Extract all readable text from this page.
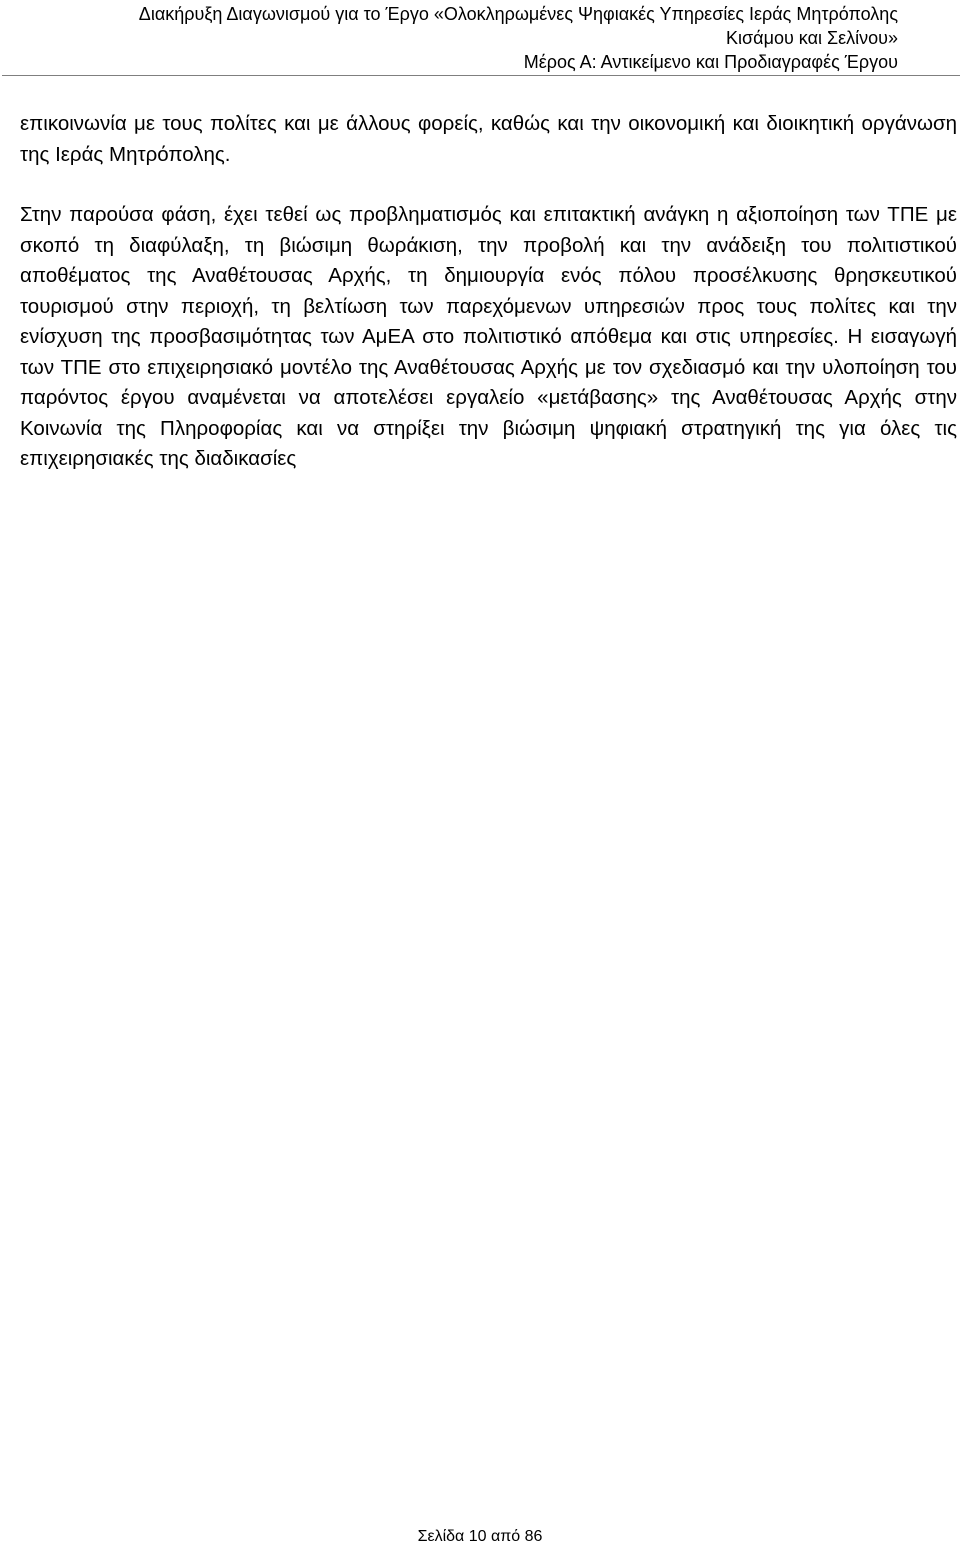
Διακήρυξη Διαγωνισμού για το Έργο «Ολοκληρωμένες Ψηφιακές Υπηρεσίες Ιεράς Μητρόπολης
Κισάμου και Σελίνου»
Μέρος Α: Αντικείμενο και Προδιαγραφές Έργου

επικοινωνία με τους πολίτες και με άλλους φορείς, καθώς και την οικονομική και διοικητική οργάνωση της Ιεράς Μητρόπολης.

Στην παρούσα φάση, έχει τεθεί ως προβληματισμός και επιτακτική ανάγκη η αξιοποίηση των ΤΠΕ με σκοπό τη διαφύλαξη, τη βιώσιμη θωράκιση, την προβολή και την ανάδειξη του πολιτιστικού αποθέματος της Αναθέτουσας Αρχής, τη δημιουργία ενός πόλου προσέλκυσης θρησκευτικού τουρισμού στην περιοχή, τη βελτίωση των παρεχόμενων υπηρεσιών προς τους πολίτες και την ενίσχυση της προσβασιμότητας των ΑμΕΑ στο πολιτιστικό απόθεμα και στις υπηρεσίες. Η εισαγωγή των ΤΠΕ στο επιχειρησιακό μοντέλο της Αναθέτουσας Αρχής με τον σχεδιασμό και την υλοποίηση του παρόντος έργου αναμένεται να αποτελέσει εργαλείο «μετάβασης» της Αναθέτουσας Αρχής στην Κοινωνία της Πληροφορίας και να στηρίξει την βιώσιμη ψηφιακή στρατηγική της για όλες τις επιχειρησιακές της διαδικασίες

Σελίδα 10 από 86
